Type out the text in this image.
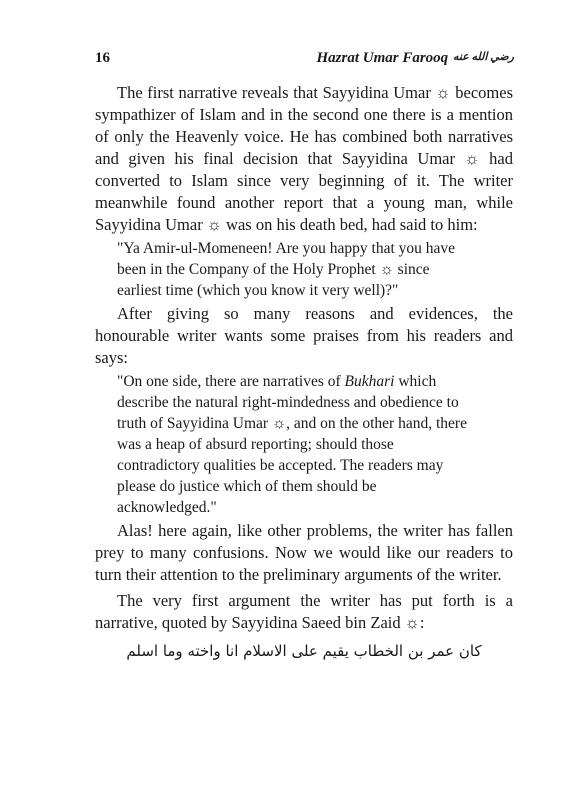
16	Hazrat Umar Farooq رضي الله عنه

The first narrative reveals that Sayyidina Umar ☼ becomes sympathizer of Islam and in the second one there is a mention of only the Heavenly voice. He has combined both narratives and given his final decision that Sayyidina Umar ☼ had converted to Islam since very beginning of it. The writer meanwhile found another report that a young man, while Sayyidina Umar ☼ was on his death bed, had said to him:

"Ya Amir-ul-Momeneen! Are you happy that you have been in the Company of the Holy Prophet ☼ since earliest time (which you know it very well)?"

After giving so many reasons and evidences, the honourable writer wants some praises from his readers and says:

"On one side, there are narratives of Bukhari which describe the natural right-mindedness and obedience to truth of Sayyidina Umar ☼, and on the other hand, there was a heap of absurd reporting; should those contradictory qualities be accepted. The readers may please do justice which of them should be acknowledged."

Alas! here again, like other problems, the writer has fallen prey to many confusions. Now we would like our readers to turn their attention to the preliminary arguments of the writer.

The very first argument the writer has put forth is a narrative, quoted by Sayyidina Saeed bin Zaid ☼:

كان عمر بن الخطاب يقيم على الاسلام انا واخته وما اسلم
